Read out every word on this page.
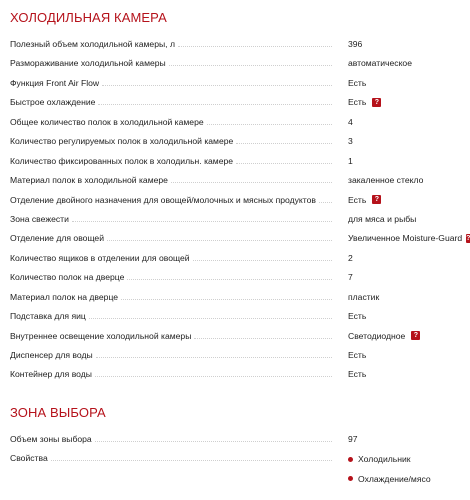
ХОЛОДИЛЬНАЯ КАМЕРА
Полезный объем холодильной камеры, л	396
Размораживание холодильной камеры	автоматическое
Функция Front Air Flow	Есть
Быстрое охлаждение	Есть	?
Общее количество полок в холодильной камере	4
Количество регулируемых полок в холодильной камере	3
Количество фиксированных полок в холодильн. камере	1
Материал полок в холодильной камере	закаленное стекло
Отделение двойного назначения для овощей/молочных и мясных продуктов	Есть	?
Зона свежести	для мяса и рыбы
Отделение для овощей	Увеличенное Moisture-Guard
Количество ящиков в отделении для овощей	2
Количество полок на дверце	7
Материал полок на дверце	пластик
Подставка для яиц	Есть
Внутреннее освещение холодильной камеры	Светодиодное	?
Диспенсер для воды	Есть
Контейнер для воды	Есть
ЗОНА ВЫБОРА
Объем зоны выбора	97
Свойства	Холодильник
Охлаждение/мясо
